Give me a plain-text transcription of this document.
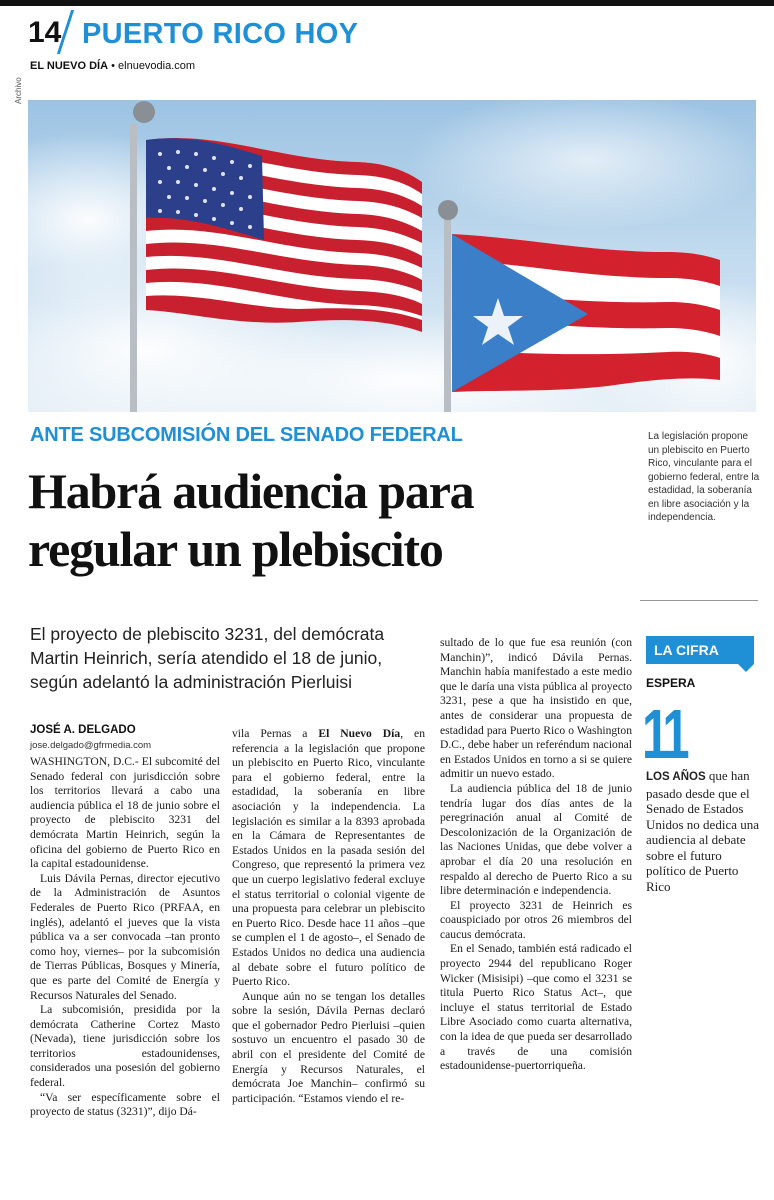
14 PUERTO RICO HOY
EL NUEVO DÍA • elnuevodia.com
Archivo
ANTE SUBCOMISIÓN DEL SENADO FEDERAL
Habrá audiencia para
regular un plebiscito
La legislación propone un plebiscito en Puerto Rico, vinculante para el gobierno federal, entre la estadidad, la soberanía en libre asociación y la independencia.
El proyecto de plebiscito 3231, del demócrata Martin Heinrich, sería atendido el 18 de junio, según adelantó la administración Pierluisi
JOSÉ A. DELGADO
jose.delgado@gfrmedia.com

WASHINGTON, D.C.- El subcomité del Senado federal con jurisdicción sobre los territorios llevará a cabo una audiencia pública el 18 de junio sobre el proyecto de plebiscito 3231 del demócrata Martin Heinrich, según la oficina del gobierno de Puerto Rico en la capital estadounidense.

Luis Dávila Pernas, director ejecutivo de la Administración de Asuntos Federales de Puerto Rico (PRFAA, en inglés), adelantó el jueves que la vista pública va a ser convocada –tan pronto como hoy, viernes– por la subcomisión de Tierras Públicas, Bosques y Minería, que es parte del Comité de Energía y Recursos Naturales del Senado.

La subcomisión, presidida por la demócrata Catherine Cortez Masto (Nevada), tiene jurisdicción sobre los territorios estadounidenses, considerados una posesión del gobierno federal.

“Va ser específicamente sobre el proyecto de status (3231)”, dijo Dá-

vila Pernas a El Nuevo Día, en referencia a la legislación que propone un plebiscito en Puerto Rico, vinculante para el gobierno federal, entre la estadidad, la soberanía en libre asociación y la independencia. La legislación es similar a la 8393 aprobada en la Cámara de Representantes de Estados Unidos en la pasada sesión del Congreso, que representó la primera vez que un cuerpo legislativo federal excluye el status territorial o colonial vigente de una propuesta para celebrar un plebiscito en Puerto Rico. Desde hace 11 años –que se cumplen el 1 de agosto–, el Senado de Estados Unidos no dedica una audiencia al debate sobre el futuro político de Puerto Rico.

Aunque aún no se tengan los detalles sobre la sesión, Dávila Pernas declaró que el gobernador Pedro Pierluisi –quien sostuvo un encuentro el pasado 30 de abril con el presidente del Comité de Energía y Recursos Naturales, el demócrata Joe Manchin– confirmó su participación. “Estamos viendo el re-

sultado de lo que fue esa reunión (con Manchin)”, indicó Dávila Pernas. Manchin había manifestado a este medio que le daría una vista pública al proyecto 3231, pese a que ha insistido en que, antes de considerar una propuesta de estadidad para Puerto Rico o Washington D.C., debe haber un referéndum nacional en Estados Unidos en torno a si se quiere admitir un nuevo estado.

La audiencia pública del 18 de junio tendría lugar dos días antes de la peregrinación anual al Comité de Descolonización de la Organización de las Naciones Unidas, que debe volver a aprobar el día 20 una resolución en respaldo al derecho de Puerto Rico a su libre determinación e independencia.

El proyecto 3231 de Heinrich es coauspiciado por otros 26 miembros del caucus demócrata.

En el Senado, también está radicado el proyecto 2944 del republicano Roger Wicker (Misisipi) –que como el 3231 se titula Puerto Rico Status Act–, que incluye el status territorial de Estado Libre Asociado como cuarta alternativa, con la idea de que pueda ser desarrollado a través de una comisión estadounidense-puertorriqueña.

LA CIFRA
ESPERA
11
LOS AÑOS que han pasado desde que el Senado de Estados Unidos no dedica una audiencia al debate sobre el futuro político de Puerto Rico
